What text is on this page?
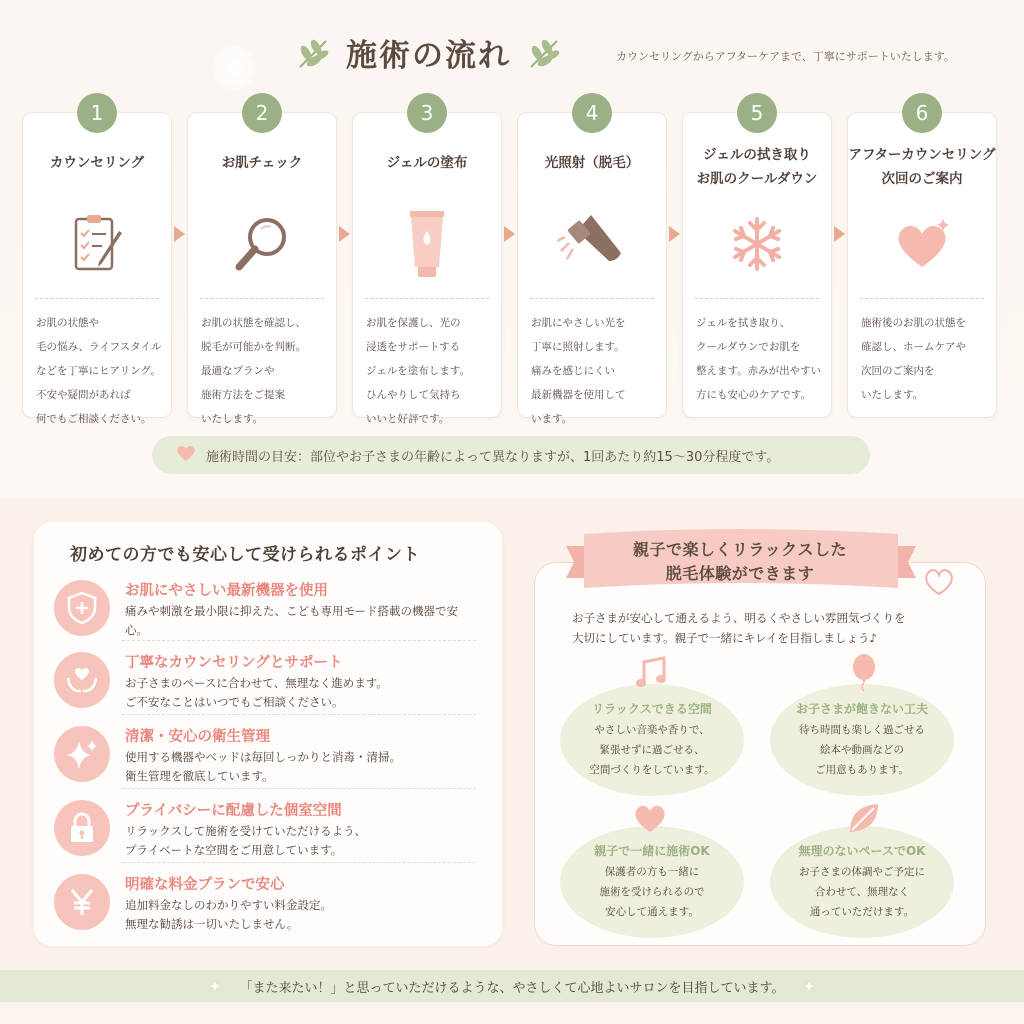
施術の流れ	カウンセリングからアフターケアまで、丁寧にサポートいたします。
1
カウンセリング
お肌の状態や
毛の悩み、ライフスタイル
などを丁寧にヒアリング。
不安や疑問があれば
何でもご相談ください。
2
お肌チェック
お肌の状態を確認し、
脱毛が可能かを判断。
最適なプランや
施術方法をご提案
いたします。
3
ジェルの塗布
お肌を保護し、光の
浸透をサポートする
ジェルを塗布します。
ひんやりして気持ち
いいと好評です。
4
光照射（脱毛）
お肌にやさしい光を
丁寧に照射します。
痛みを感じにくい
最新機器を使用して
います。
5
ジェルの拭き取り
お肌のクールダウン
ジェルを拭き取り、
クールダウンでお肌を
整えます。赤みが出やすい
方にも安心のケアです。
6
アフターカウンセリング
次回のご案内
施術後のお肌の状態を
確認し、ホームケアや
次回のご案内を
いたします。
施術時間の目安：部位やお子さまの年齢によって異なりますが、1回あたり約15〜30分程度です。
初めての方でも安心して受けられるポイント
お肌にやさしい最新機器を使用
痛みや刺激を最小限に抑えた、こども専用モード搭載の機器で安心。
丁寧なカウンセリングとサポート
お子さまのペースに合わせて、無理なく進めます。
ご不安なことはいつでもご相談ください。
清潔・安心の衛生管理
使用する機器やベッドは毎回しっかりと消毒・清掃。
衛生管理を徹底しています。
プライバシーに配慮した個室空間
リラックスして施術を受けていただけるよう、
プライベートな空間をご用意しています。
明確な料金プランで安心
追加料金なしのわかりやすい料金設定。
無理な勧誘は一切いたしません。
親子で楽しくリラックスした
脱毛体験ができます
お子さまが安心して通えるよう、明るくやさしい雰囲気づくりを
大切にしています。親子で一緒にキレイを目指しましょう♪
リラックスできる空間
やさしい音楽や香りで、
緊張せずに過ごせる、
空間づくりをしています。
お子さまが飽きない工夫
待ち時間も楽しく過ごせる
絵本や動画などの
ご用意もあります。
親子で一緒に施術OK
保護者の方も一緒に
施術を受けられるので
安心して通えます。
無理のないペースでOK
お子さまの体調やご予定に
合わせて、無理なく
通っていただけます。
✦ 「また来たい！」と思っていただけるような、やさしくて心地よいサロンを目指しています。 ✦
